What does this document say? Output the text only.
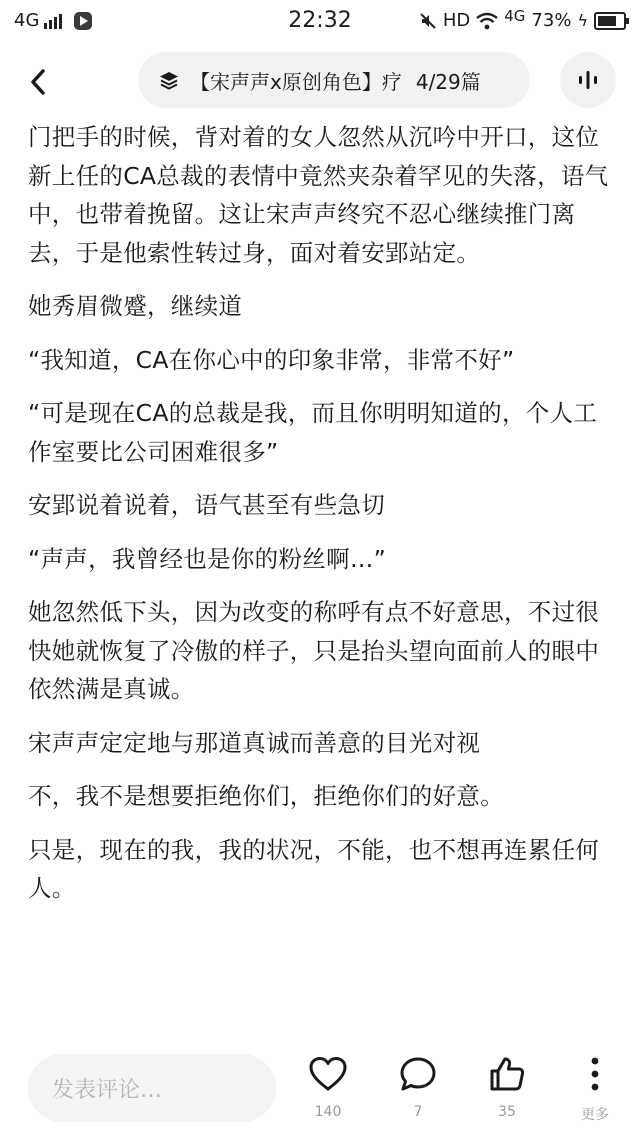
4G	22:32	HD 4G 73% ϟ
【宋声声x原创角色】疗 4/29篇

门把手的时候，背对着的女人忽然从沉吟中开口，这位新上任的CA总裁的表情中竟然夹杂着罕见的失落，语气中，也带着挽留。这让宋声声终究不忍心继续推门离去，于是他索性转过身，面对着安郢站定。

她秀眉微蹙，继续道

“我知道，CA在你心中的印象非常，非常不好”

“可是现在CA的总裁是我，而且你明明知道的，个人工作室要比公司困难很多”

安郢说着说着，语气甚至有些急切

“声声，我曾经也是你的粉丝啊…”

她忽然低下头，因为改变的称呼有点不好意思，不过很快她就恢复了冷傲的样子，只是抬头望向面前人的眼中依然满是真诚。

宋声声定定地与那道真诚而善意的目光对视

不，我不是想要拒绝你们，拒绝你们的好意。

只是，现在的我，我的状况，不能，也不想再连累任何人。

发表评论…
140	7	35	更多
